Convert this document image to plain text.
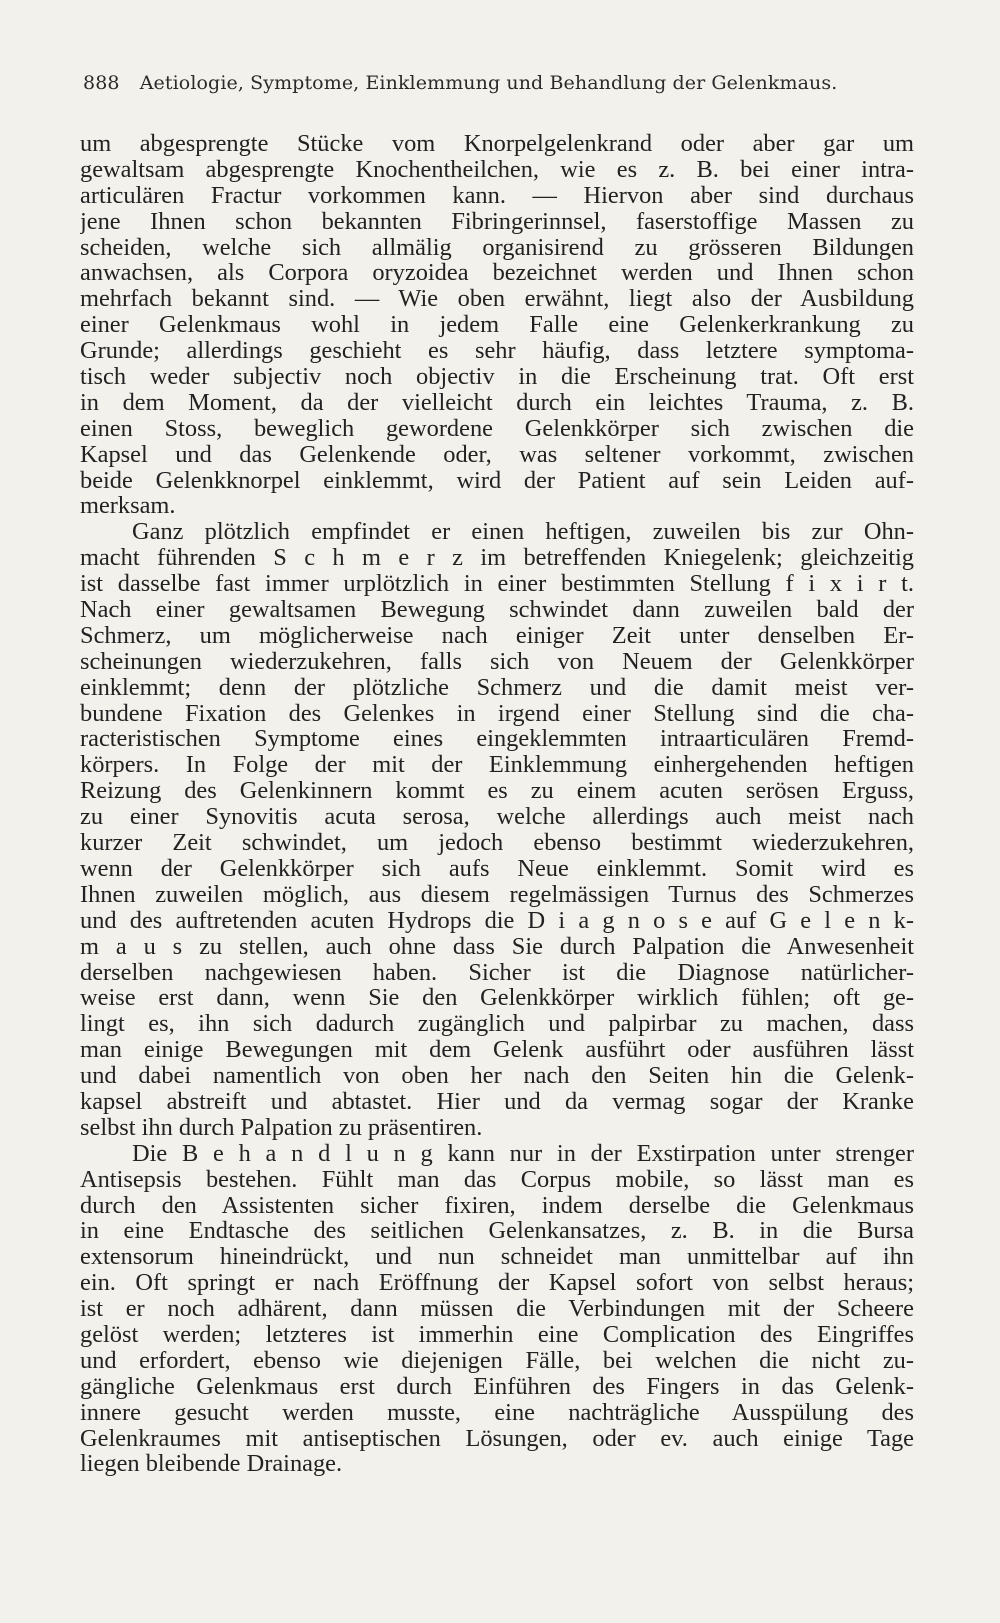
888 Aetiologie, Symptome, Einklemmung und Behandlung der Gelenkmaus.
um abgesprengte Stücke vom Knorpelgelenkrand oder aber gar um
gewaltsam abgesprengte Knochentheilchen, wie es z. B. bei einer intra-
articulären Fractur vorkommen kann. — Hiervon aber sind durchaus
jene Ihnen schon bekannten Fibringerinnsel, faserstoffige Massen zu
scheiden, welche sich allmälig organisirend zu grösseren Bildungen
anwachsen, als Corpora oryzoidea bezeichnet werden und Ihnen schon
mehrfach bekannt sind. — Wie oben erwähnt, liegt also der Ausbildung
einer Gelenkmaus wohl in jedem Falle eine Gelenkerkrankung zu
Grunde; allerdings geschieht es sehr häufig, dass letztere symptoma-
tisch weder subjectiv noch objectiv in die Erscheinung trat. Oft erst
in dem Moment, da der vielleicht durch ein leichtes Trauma, z. B.
einen Stoss, beweglich gewordene Gelenkkörper sich zwischen die
Kapsel und das Gelenkende oder, was seltener vorkommt, zwischen
beide Gelenkknorpel einklemmt, wird der Patient auf sein Leiden auf-
merksam.
Ganz plötzlich empfindet er einen heftigen, zuweilen bis zur Ohn-
macht führenden S c h m e r z im betreffenden Kniegelenk; gleichzeitig
ist dasselbe fast immer urplötzlich in einer bestimmten Stellung f i x i r t.
Nach einer gewaltsamen Bewegung schwindet dann zuweilen bald der
Schmerz, um möglicherweise nach einiger Zeit unter denselben Er-
scheinungen wiederzukehren, falls sich von Neuem der Gelenkkörper
einklemmt; denn der plötzliche Schmerz und die damit meist ver-
bundene Fixation des Gelenkes in irgend einer Stellung sind die cha-
racteristischen Symptome eines eingeklemmten intraarticulären Fremd-
körpers. In Folge der mit der Einklemmung einhergehenden heftigen
Reizung des Gelenkinnern kommt es zu einem acuten serösen Erguss,
zu einer Synovitis acuta serosa, welche allerdings auch meist nach
kurzer Zeit schwindet, um jedoch ebenso bestimmt wiederzukehren,
wenn der Gelenkkörper sich aufs Neue einklemmt. Somit wird es
Ihnen zuweilen möglich, aus diesem regelmässigen Turnus des Schmerzes
und des auftretenden acuten Hydrops die D i a g n o s e auf G e l e n k-
m a u s zu stellen, auch ohne dass Sie durch Palpation die Anwesenheit
derselben nachgewiesen haben. Sicher ist die Diagnose natürlicher-
weise erst dann, wenn Sie den Gelenkkörper wirklich fühlen; oft ge-
lingt es, ihn sich dadurch zugänglich und palpirbar zu machen, dass
man einige Bewegungen mit dem Gelenk ausführt oder ausführen lässt
und dabei namentlich von oben her nach den Seiten hin die Gelenk-
kapsel abstreift und abtastet. Hier und da vermag sogar der Kranke
selbst ihn durch Palpation zu präsentiren.
Die B e h a n d l u n g kann nur in der Exstirpation unter strenger
Antisepsis bestehen. Fühlt man das Corpus mobile, so lässt man es
durch den Assistenten sicher fixiren, indem derselbe die Gelenkmaus
in eine Endtasche des seitlichen Gelenkansatzes, z. B. in die Bursa
extensorum hineindrückt, und nun schneidet man unmittelbar auf ihn
ein. Oft springt er nach Eröffnung der Kapsel sofort von selbst heraus;
ist er noch adhärent, dann müssen die Verbindungen mit der Scheere
gelöst werden; letzteres ist immerhin eine Complication des Eingriffes
und erfordert, ebenso wie diejenigen Fälle, bei welchen die nicht zu-
gängliche Gelenkmaus erst durch Einführen des Fingers in das Gelenk-
innere gesucht werden musste, eine nachträgliche Ausspülung des
Gelenkraumes mit antiseptischen Lösungen, oder ev. auch einige Tage
liegen bleibende Drainage.
